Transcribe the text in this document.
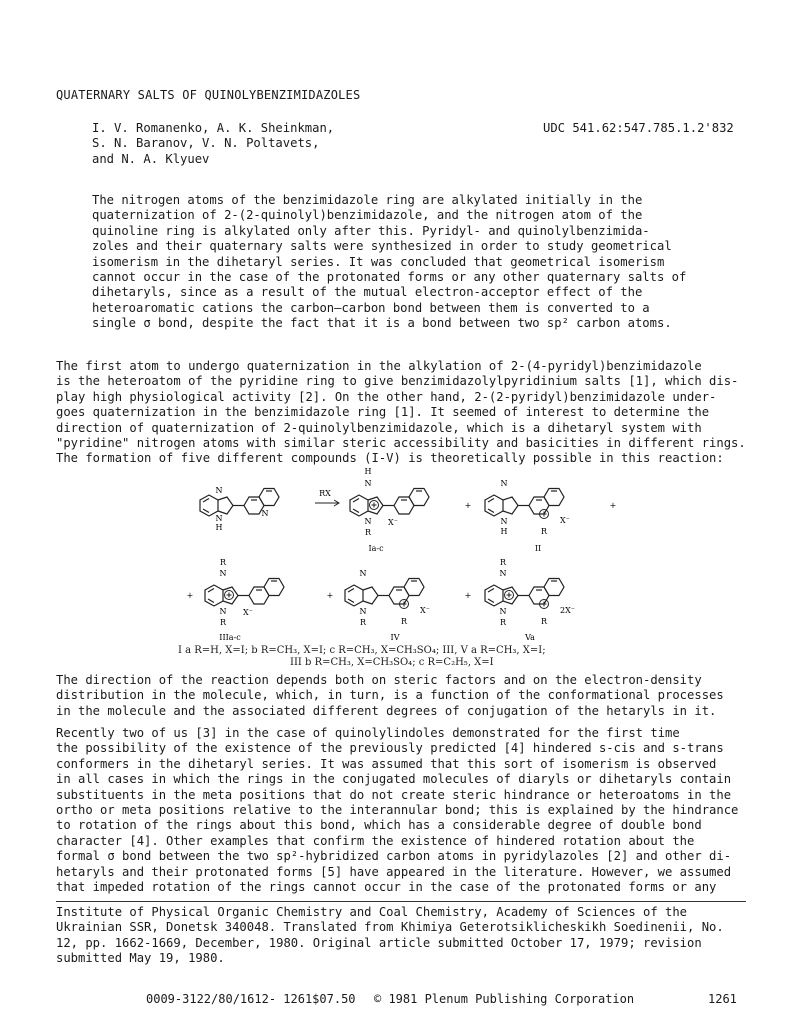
QUATERNARY SALTS OF QUINOLYBENZIMIDAZOLES
I. V. Romanenko, A. K. Sheinkman,
S. N. Baranov, V. N. Poltavets,
and N. A. Klyuev
UDC 541.62:547.785.1.2'832
The nitrogen atoms of the benzimidazole ring are alkylated initially in the
quaternization of 2-(2-quinolyl)benzimidazole, and the nitrogen atom of the
quinoline ring is alkylated only after this. Pyridyl- and quinolylbenzimida-
zoles and their quaternary salts were synthesized in order to study geometrical
isomerism in the dihetaryl series. It was concluded that geometrical isomerism
cannot occur in the case of the protonated forms or any other quaternary salts of
dihetaryls, since as a result of the mutual electron-acceptor effect of the
heteroaromatic cations the carbon—carbon bond between them is converted to a
single σ bond, despite the fact that it is a bond between two sp² carbon atoms.
The first atom to undergo quaternization in the alkylation of 2-(4-pyridyl)benzimidazole
is the heteroatom of the pyridine ring to give benzimidazolylpyridinium salts [1], which dis-
play high physiological activity [2]. On the other hand, 2-(2-pyridyl)benzimidazole under-
goes quaternization in the benzimidazole ring [1]. It seemed of interest to determine the
direction of quaternization of 2-quinolylbenzimidazole, which is a dihetaryl system with
"pyridine" nitrogen atoms with similar steric accessibility and basicities in different rings.
The formation of five different compounds (I-V) is theoretically possible in this reaction:
N
N
H
N
RX
H
N
N
R
X⁻
Ia-c
+
N
N
H	R
X⁻
II
+
+
R
N
N
R
X⁻
IIIa-c
+
N
N
R	R
X⁻
IV
+
R
N
N
R	R
2X⁻
Va
I a R=H, X=I; b R=CH₃, X=I; c R=CH₃, X=CH₃SO₄; III, V a R=CH₃, X=I;
III b R=CH₃, X=CH₃SO₄; c R=C₂H₅, X=I
The direction of the reaction depends both on steric factors and on the electron-density
distribution in the molecule, which, in turn, is a function of the conformational processes
in the molecule and the associated different degrees of conjugation of the hetaryls in it.
Recently two of us [3] in the case of quinolylindoles demonstrated for the first time
the possibility of the existence of the previously predicted [4] hindered s-cis and s-trans
conformers in the dihetaryl series. It was assumed that this sort of isomerism is observed
in all cases in which the rings in the conjugated molecules of diaryls or dihetaryls contain
substituents in the meta positions that do not create steric hindrance or heteroatoms in the
ortho or meta positions relative to the interannular bond; this is explained by the hindrance
to rotation of the rings about this bond, which has a considerable degree of double bond
character [4]. Other examples that confirm the existence of hindered rotation about the
formal σ bond between the two sp²-hybridized carbon atoms in pyridylazoles [2] and other di-
hetaryls and their protonated forms [5] have appeared in the literature. However, we assumed
that impeded rotation of the rings cannot occur in the case of the protonated forms or any
Institute of Physical Organic Chemistry and Coal Chemistry, Academy of Sciences of the
Ukrainian SSR, Donetsk 340048. Translated from Khimiya Geterotsiklicheskikh Soedinenii, No.
12, pp. 1662-1669, December, 1980. Original article submitted October 17, 1979; revision
submitted May 19, 1980.
0009-3122/80/1612- 1261$07.50 © 1981 Plenum Publishing Corporation	1261
